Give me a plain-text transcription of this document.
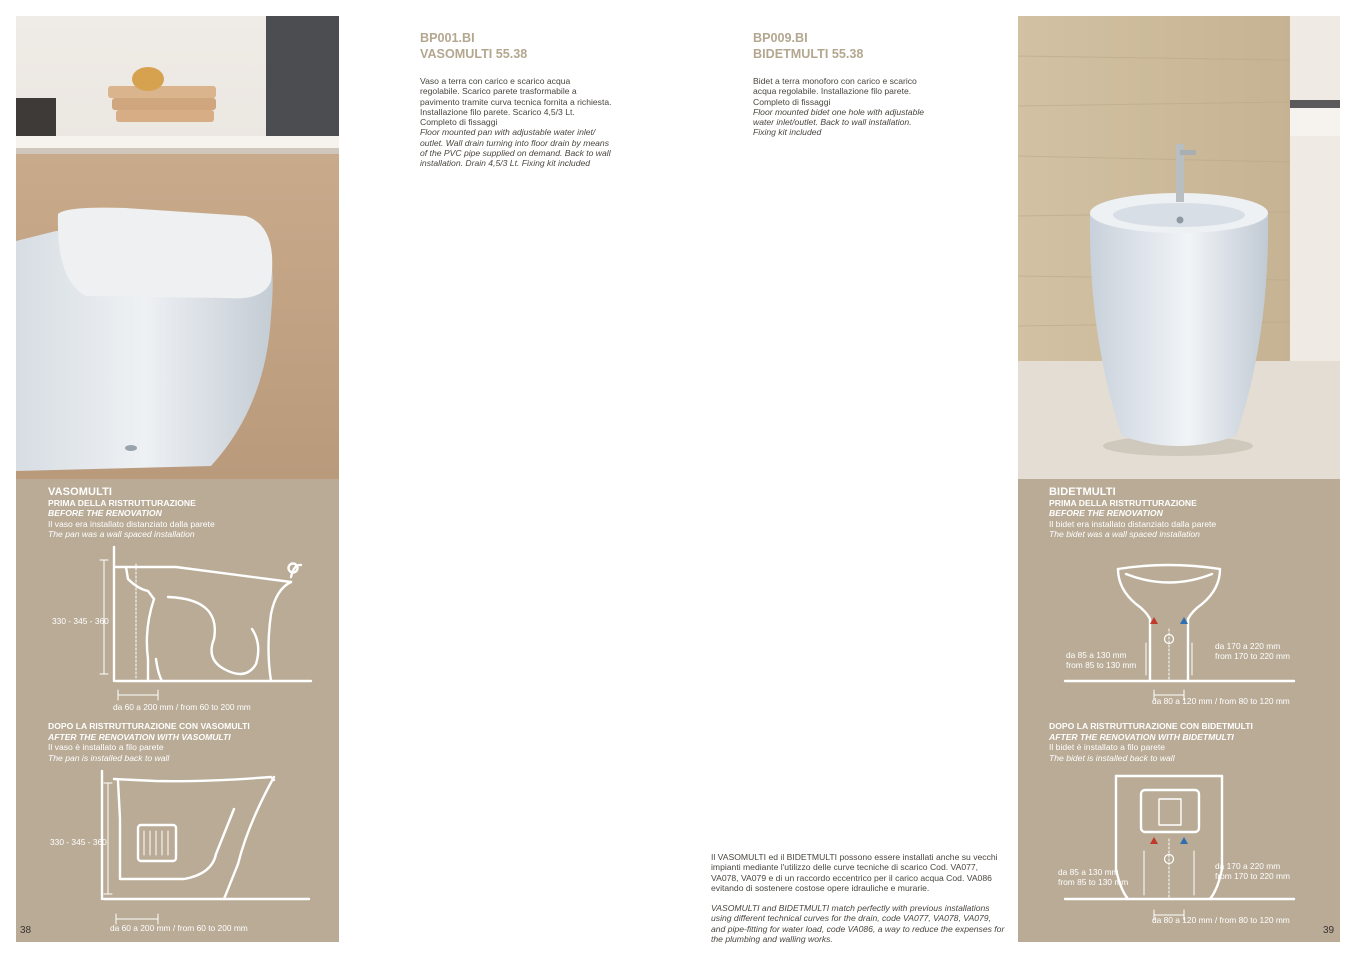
VASOMULTI
PRIMA DELLA RISTRUTTURAZIONE
BEFORE THE RENOVATION
Il vaso era installato distanziato dalla parete
The pan was a wall spaced installation
330 - 345 - 360
da 60 a 200 mm / from 60 to 200 mm
DOPO LA RISTRUTTURAZIONE CON VASOMULTI
AFTER THE RENOVATION WITH VASOMULTI
Il vaso è installato a filo parete
The pan is installed back to wall
330 - 345 - 360
da 60 a 200 mm / from 60 to 200 mm
BIDETMULTI
PRIMA DELLA RISTRUTTURAZIONE
BEFORE THE RENOVATION
Il bidet era installato distanziato dalla parete
The bidet was a wall spaced installation
da 85 a 130 mm
from 85 to 130 mm
da 170 a 220 mm
from 170 to 220 mm
da 80 a 120 mm / from 80 to 120 mm
DOPO LA RISTRUTTURAZIONE CON BIDETMULTI
AFTER THE RENOVATION WITH BIDETMULTI
Il bidet è installato a filo parete
The bidet is installed back to wall
da 85 a 130 mm
from 85 to 130 mm
da 170 a 220 mm
from 170 to 220 mm
da 80 a 120 mm / from 80 to 120 mm
BP001.BI
VASOMULTI 55.38
Vaso a terra con carico e scarico acqua regolabile. Scarico parete trasformabile a pavimento tramite curva tecnica fornita a richiesta. Installazione filo parete. Scarico 4,5/3 Lt. Completo di fissaggi
Floor mounted pan with adjustable water inlet/ outlet. Wall drain turning into floor drain by means of the PVC pipe supplied on demand. Back to wall installation. Drain 4,5/3 Lt. Fixing kit included
BP009.BI
BIDETMULTI 55.38
Bidet a terra monoforo con carico e scarico acqua regolabile. Installazione filo parete. Completo di fissaggi
Floor mounted bidet one hole with adjustable water inlet/outlet. Back to wall installation. Fixing kit included
Il VASOMULTI ed il BIDETMULTI possono essere installati anche su vecchi impianti mediante l'utilizzo delle curve tecniche di scarico Cod. VA077, VA078, VA079 e di un raccordo eccentrico per il carico acqua Cod. VA086 evitando di sostenere costose opere idrauliche e murarie.
VASOMULTI and BIDETMULTI match perfectly with previous installations using different technical curves for the drain, code VA077, VA078, VA079, and pipe-fitting for water load, code VA086, a way to reduce the expenses for the plumbing and walling works.
38	39
